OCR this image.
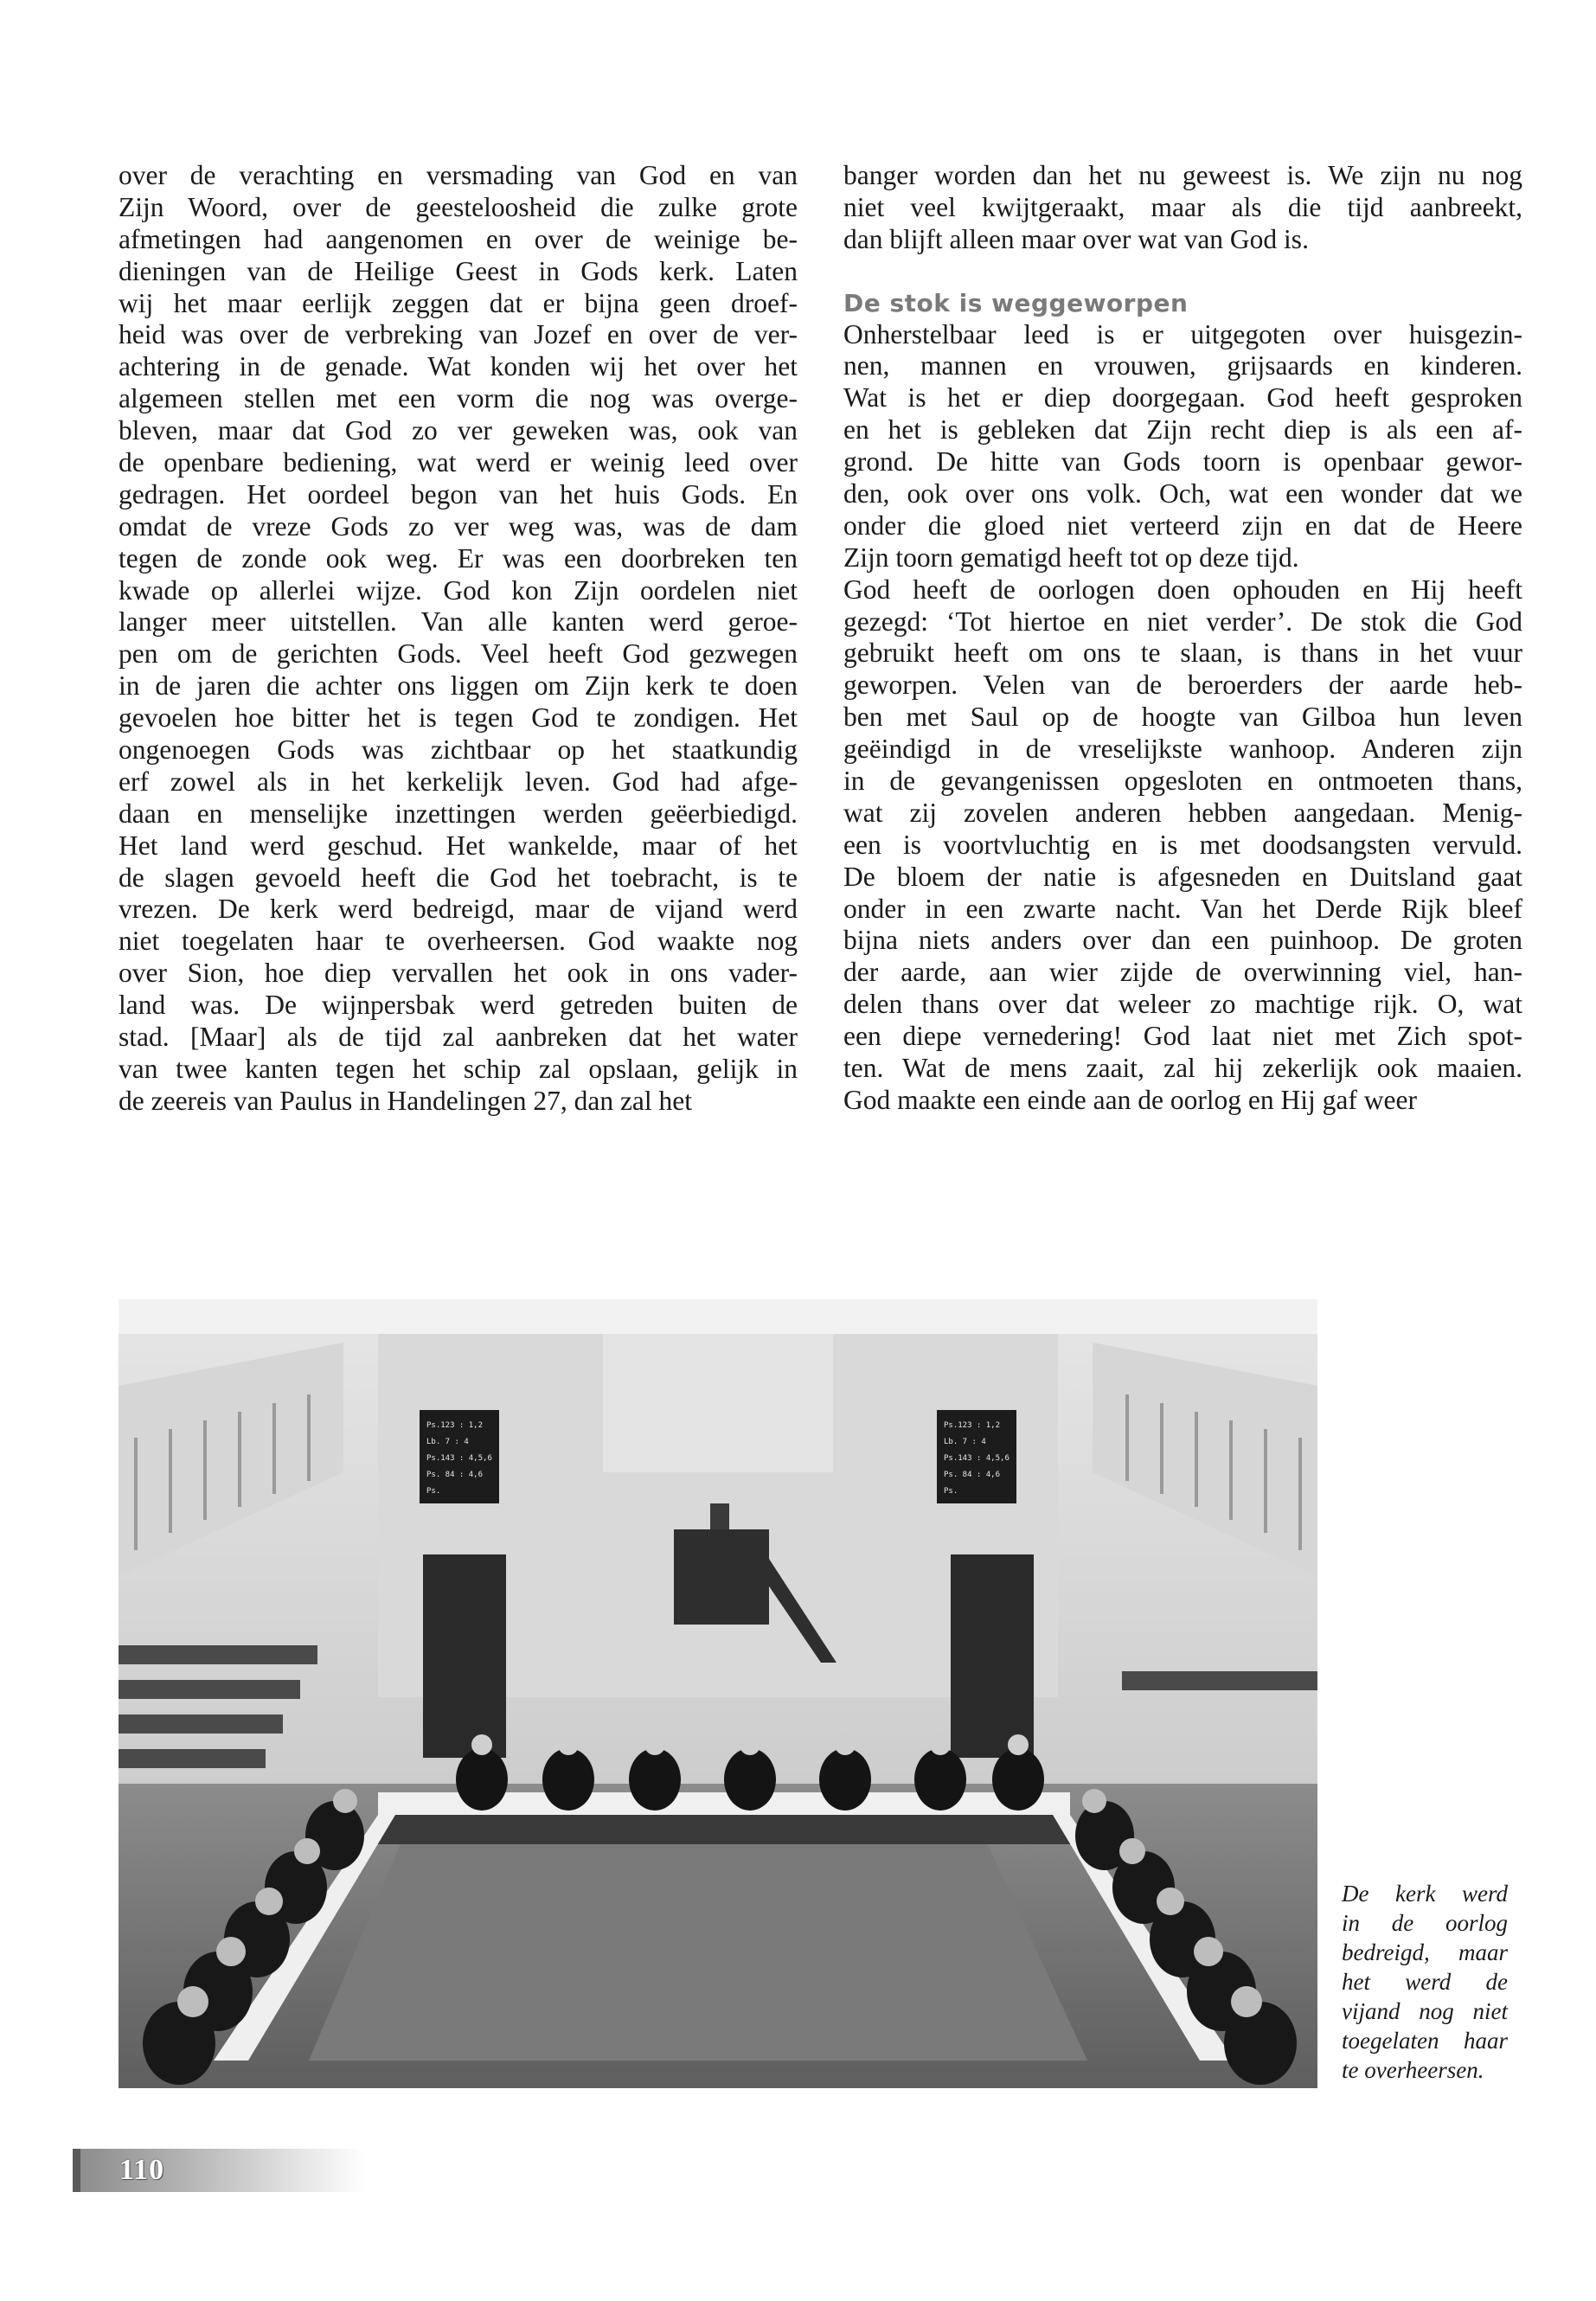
over de verachting en versmading van God en van
Zijn Woord, over de geesteloosheid die zulke grote
afmetingen had aangenomen en over de weinige be-
dieningen van de Heilige Geest in Gods kerk. Laten
wij het maar eerlijk zeggen dat er bijna geen droef-
heid was over de verbreking van Jozef en over de ver-
achtering in de genade. Wat konden wij het over het
algemeen stellen met een vorm die nog was overge-
bleven, maar dat God zo ver geweken was, ook van
de openbare bediening, wat werd er weinig leed over
gedragen. Het oordeel begon van het huis Gods. En
omdat de vreze Gods zo ver weg was, was de dam
tegen de zonde ook weg. Er was een doorbreken ten
kwade op allerlei wijze. God kon Zijn oordelen niet
langer meer uitstellen. Van alle kanten werd geroe-
pen om de gerichten Gods. Veel heeft God gezwegen
in de jaren die achter ons liggen om Zijn kerk te doen
gevoelen hoe bitter het is tegen God te zondigen. Het
ongenoegen Gods was zichtbaar op het staatkundig
erf zowel als in het kerkelijk leven. God had afge-
daan en menselijke inzettingen werden geëerbiedigd.
Het land werd geschud. Het wankelde, maar of het
de slagen gevoeld heeft die God het toebracht, is te
vrezen. De kerk werd bedreigd, maar de vijand werd
niet toegelaten haar te overheersen. God waakte nog
over Sion, hoe diep vervallen het ook in ons vader-
land was. De wijnpersbak werd getreden buiten de
stad. [Maar] als de tijd zal aanbreken dat het water
van twee kanten tegen het schip zal opslaan, gelijk in
de zeereis van Paulus in Handelingen 27, dan zal het
banger worden dan het nu geweest is. We zijn nu nog
niet veel kwijtgeraakt, maar als die tijd aanbreekt,
dan blijft alleen maar over wat van God is.
De stok is weggeworpen
Onherstelbaar leed is er uitgegoten over huisgezin-
nen, mannen en vrouwen, grijsaards en kinderen.
Wat is het er diep doorgegaan. God heeft gesproken
en het is gebleken dat Zijn recht diep is als een af-
grond. De hitte van Gods toorn is openbaar gewor-
den, ook over ons volk. Och, wat een wonder dat we
onder die gloed niet verteerd zijn en dat de Heere
Zijn toorn gematigd heeft tot op deze tijd.
God heeft de oorlogen doen ophouden en Hij heeft
gezegd: ‘Tot hiertoe en niet verder’. De stok die God
gebruikt heeft om ons te slaan, is thans in het vuur
geworpen. Velen van de beroerders der aarde heb-
ben met Saul op de hoogte van Gilboa hun leven
geëindigd in de vreselijkste wanhoop. Anderen zijn
in de gevangenissen opgesloten en ontmoeten thans,
wat zij zovelen anderen hebben aangedaan. Menig-
een is voortvluchtig en is met doodsangsten vervuld.
De bloem der natie is afgesneden en Duitsland gaat
onder in een zwarte nacht. Van het Derde Rijk bleef
bijna niets anders over dan een puinhoop. De groten
der aarde, aan wier zijde de overwinning viel, han-
delen thans over dat weleer zo machtige rijk. O, wat
een diepe vernedering! God laat niet met Zich spot-
ten. Wat de mens zaait, zal hij zekerlijk ook maaien.
God maakte een einde aan de oorlog en Hij gaf weer
Ps.123 : 1,2
Lb. 7 : 4
Ps.143 : 4,5,6
Ps. 84 : 4,6
Ps.
Ps.123 : 1,2
Lb. 7 : 4
Ps.143 : 4,5,6
Ps. 84 : 4,6
Ps.
De kerk werd
in de oorlog
bedreigd, maar
het werd de
vijand nog niet
toegelaten haar
te overheersen.
110
